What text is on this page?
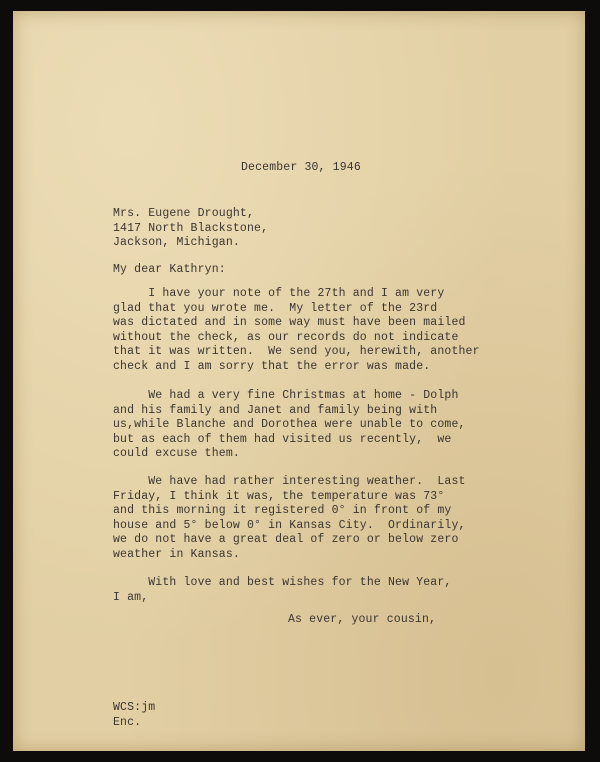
December 30, 1946

Mrs. Eugene Drought,
1417 North Blackstone,
Jackson, Michigan.

My dear Kathryn:

I have your note of the 27th and I am very
glad that you wrote me.  My letter of the 23rd
was dictated and in some way must have been mailed
without the check, as our records do not indicate
that it was written.  We send you, herewith, another
check and I am sorry that the error was made.
We had a very fine Christmas at home - Dolph
and his family and Janet and family being with
us,while Blanche and Dorothea were unable to come,
but as each of them had visited us recently,  we
could excuse them.
We have had rather interesting weather.  Last
Friday, I think it was, the temperature was 73°
and this morning it registered 0° in front of my
house and 5° below 0° in Kansas City.  Ordinarily,
we do not have a great deal of zero or below zero
weather in Kansas.
With love and best wishes for the New Year,
I am,

As ever, your cousin,

WCS:jm
Enc.
